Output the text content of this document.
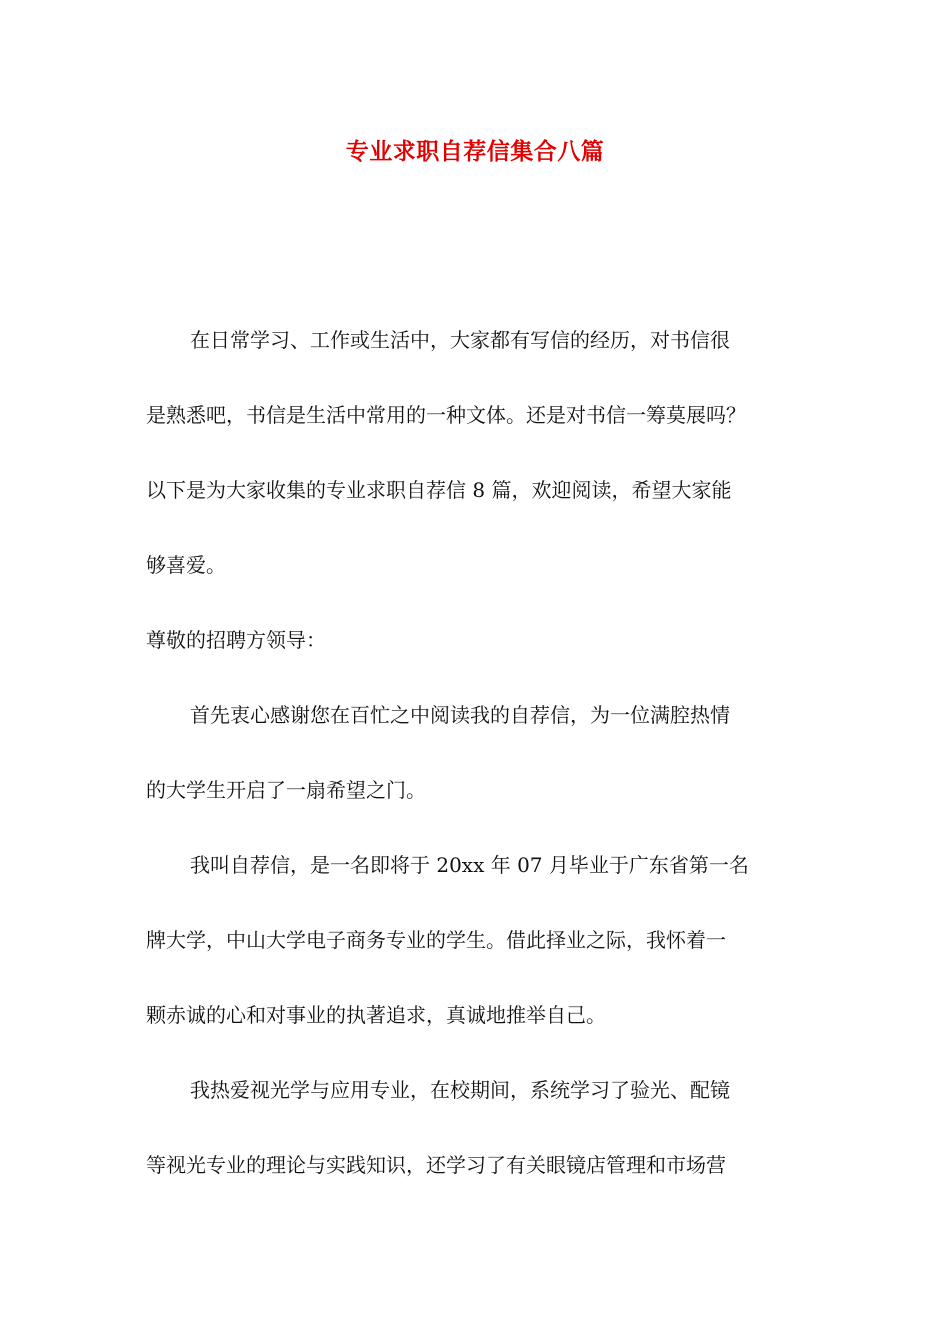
专业求职自荐信集合八篇

在日常学习、工作或生活中，大家都有写信的经历，对书信很

是熟悉吧，书信是生活中常用的一种文体。还是对书信一筹莫展吗？

以下是为大家收集的专业求职自荐信 8 篇，欢迎阅读，希望大家能

够喜爱。

尊敬的招聘方领导：

首先衷心感谢您在百忙之中阅读我的自荐信，为一位满腔热情

的大学生开启了一扇希望之门。

我叫自荐信，是一名即将于 20xx 年 07 月毕业于广东省第一名

牌大学，中山大学电子商务专业的学生。借此择业之际，我怀着一

颗赤诚的心和对事业的执著追求，真诚地推举自己。

我热爱视光学与应用专业，在校期间，系统学习了验光、配镜

等视光专业的理论与实践知识，还学习了有关眼镜店管理和市场营
